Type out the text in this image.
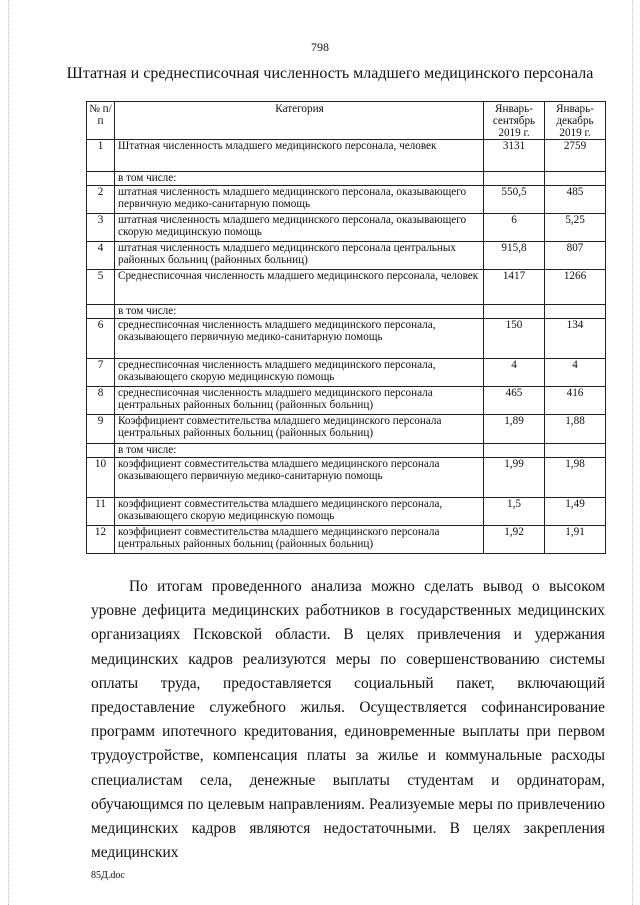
798
Штатная и среднесписочная численность младшего медицинского персонала
№ п/п	Категория	Январь-сентябрь 2019 г.	Январь-декабрь 2019 г.
1	Штатная численность младшего медицинского персонала, человек	3131	2759
	в том числе:		
2	штатная численность младшего медицинского персонала, оказывающего первичную медико-санитарную помощь	550,5	485
3	штатная численность младшего медицинского персонала, оказывающего скорую медицинскую помощь	6	5,25
4	штатная численность младшего медицинского персонала центральных районных больниц (районных больниц)	915,8	807
5	Среднесписочная численность младшего медицинского персонала, человек	1417	1266
	в том числе:		
6	среднесписочная численность младшего медицинского персонала, оказывающего первичную медико-санитарную помощь	150	134
7	среднесписочная численность младшего медицинского персонала, оказывающего скорую медицинскую помощь	4	4
8	среднесписочная численность младшего медицинского персонала центральных районных больниц (районных больниц)	465	416
9	Коэффициент совместительства младшего медицинского персонала центральных районных больниц (районных больниц)	1,89	1,88
	в том числе:		
10	коэффициент совместительства младшего медицинского персонала оказывающего первичную медико-санитарную помощь	1,99	1,98
11	коэффициент совместительства младшего медицинского персонала, оказывающего скорую медицинскую помощь	1,5	1,49
12	коэффициент совместительства младшего медицинского персонала центральных районных больниц (районных больниц)	1,92	1,91

По итогам проведенного анализа можно сделать вывод о высоком уровне дефицита медицинских работников в государственных медицинских организациях Псковской области. В целях привлечения и удержания медицинских кадров реализуются меры по совершенствованию системы оплаты труда, предоставляется социальный пакет, включающий предоставление служебного жилья. Осуществляется софинансирование программ ипотечного кредитования, единовременные выплаты при первом трудоустройстве, компенсация платы за жилье и коммунальные расходы специалистам села, денежные выплаты студентам и ординаторам, обучающимся по целевым направлениям. Реализуемые меры по привлечению медицинских кадров являются недостаточными. В целях закрепления медицинских

85Д.doc
